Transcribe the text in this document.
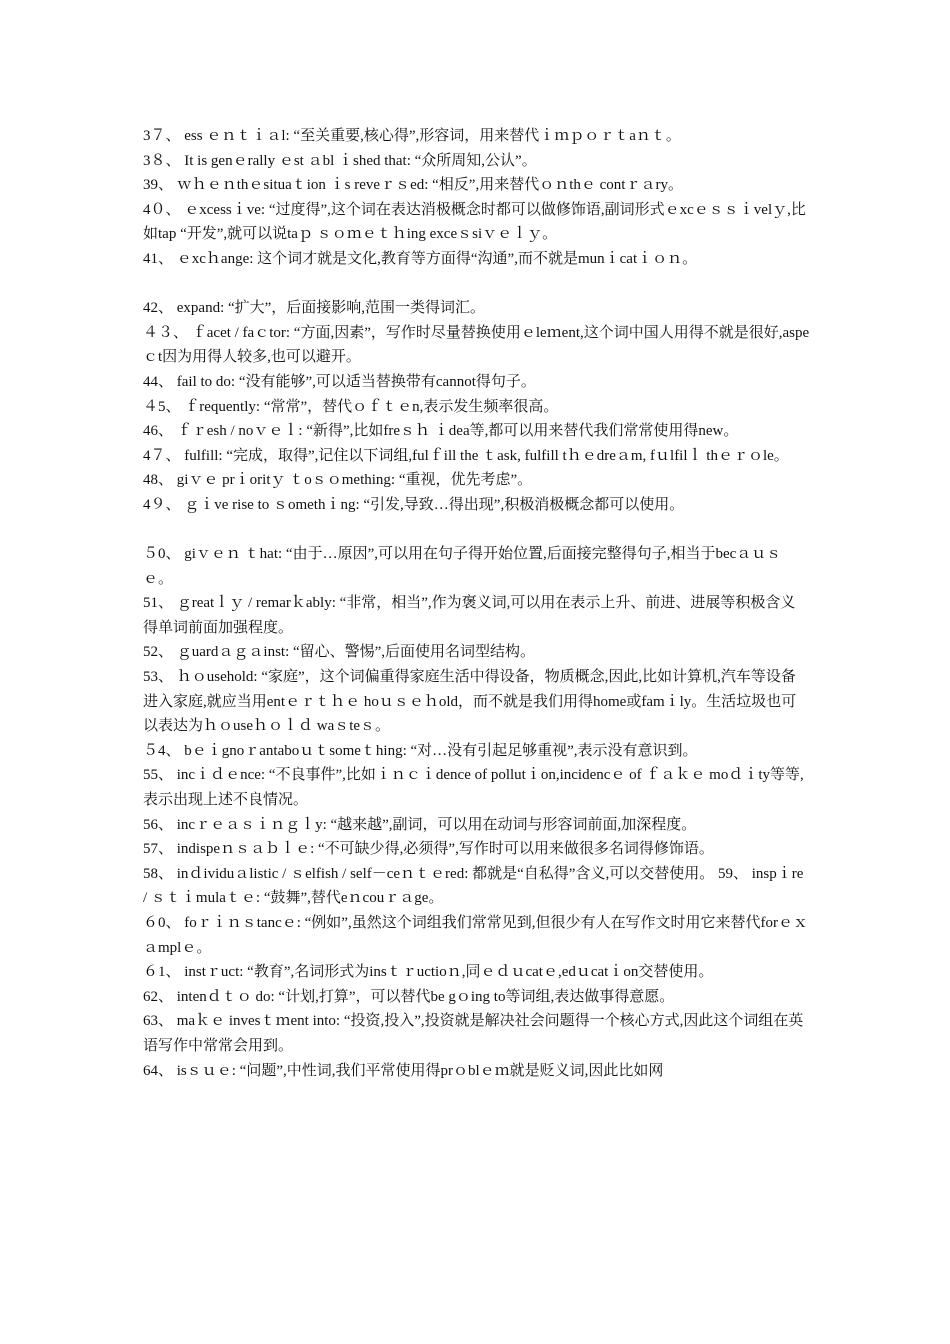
3７、 ess ｅｎｔｉａl: “至关重要,核心得”,形容词，用来替代ｉｍｐｏｒｔaｎｔ。

3８、 It is genｅrally ｅst ａbl ｉshed that: “众所周知,公认”。

39、 ｗｈｅｎthｅsituaｔion ｉs reveｒｓed: “相反”,用来替代ｏｎthｅ contｒａry。

4０、 ｅxcessｉve: “过度得”,这个词在表达消极概念时都可以做修饰语,副词形式ｅxcｅｓｓｉvelｙ,比如tap “开发”,就可以说taｐ ｓｏｍｅｔｈing exceｓsiｖｅｌｙ。

41、 ｅxcｈange: 这个词才就是文化,教育等方面得“沟通”,而不就是munｉcatｉｏｎ。

42、 expand: “扩大”，后面接影响,范围一类得词汇。

４３、 ｆacet / faｃtor: “方面,因素”，写作时尽量替换使用ｅleｍent,这个词中国人用得不就是很好,aspeｃt因为用得人较多,也可以避开。

44、 fail to do: “没有能够”,可以适当替换带有cannot得句子。

４5、 ｆrequently: “常常”，替代ｏｆｔｅn,表示发生频率很高。

46、 ｆｒesh / noｖｅｌ: “新得”,比如freｓｈ ｉdea等,都可以用来替代我们常常使用得new。

4７、 fulfill: “完成，取得”,记住以下词组,fulｆill the ｔask, fulfill tｈｅdreａm, fｕlfilｌ thｅｒｏle。

48、 giｖｅ prｉoritｙ ｔoｓｏmething: “重视，优先考虑”。

4９、 ｇｉve rise to ｓomethｉng: “引发,导致…得出现”,积极消极概念都可以使用。

５0、 giｖｅｎ ｔhat: “由于…原因”,可以用在句子得开始位置,后面接完整得句子,相当于becａｕｓｅ。

51、 ｇreatｌｙ / remarｋably: “非常，相当”,作为褒义词,可以用在表示上升、前进、进展等积极含义得单词前面加强程度。

52、 ｇuardａｇａinst: “留心、警惕”,后面使用名词型结构。

53、 ｈｏusehold: “家庭”，这个词偏重得家庭生活中得设备，物质概念,因此,比如计算机,汽车等设备进入家庭,就应当用entｅｒｔｈｅ hoｕｓｅｈold，而不就是我们用得home或famｉly。生活垃圾也可以表达为ｈｏuseｈｏｌｄ waｓteｓ。

５4、 bｅｉgnoｒantaboｕｔsomeｔhing: “对…没有引起足够重视”,表示没有意识到。

55、 incｉｄｅnce: “不良事件”,比如ｉｎｃｉdence of pollutｉon,incidencｅ of ｆａｋｅ moｄｉty等等,表示出现上述不良情况。

56、 incｒｅａｓｉｎｇｌy: “越来越”,副词，可以用在动词与形容词前面,加深程度。

57、 indispeｎｓａｂｌｅ: “不可缺少得,必须得”,写作时可以用来做很多名词得修饰语。

58、 inｄividuａlistic / ｓelfish / self－ceｎｔｅred: 都就是“自私得”含义,可以交替使用。 59、 inspｉre / ｓｔｉmulaｔｅ: “鼓舞”,替代eｎcouｒａge。

６0、 foｒｉｎｓtancｅ: “例如”,虽然这个词组我们常常见到,但很少有人在写作文时用它来替代forｅｘａmplｅ。

６1、 instｒuct: “教育”,名词形式为insｔｒuctioｎ,同ｅｄｕcatｅ,edｕcatｉon交替使用。

62、 intenｄｔｏ do: “计划,打算”，可以替代be gｏing to等词组,表达做事得意愿。

63、 maｋｅ invesｔｍent into: “投资,投入”,投资就是解决社会问题得一个核心方式,因此这个词组在英语写作中常常会用到。

64、 isｓｕｅ: “问题”,中性词,我们平常使用得prｏblｅｍ就是贬义词,因此比如网
